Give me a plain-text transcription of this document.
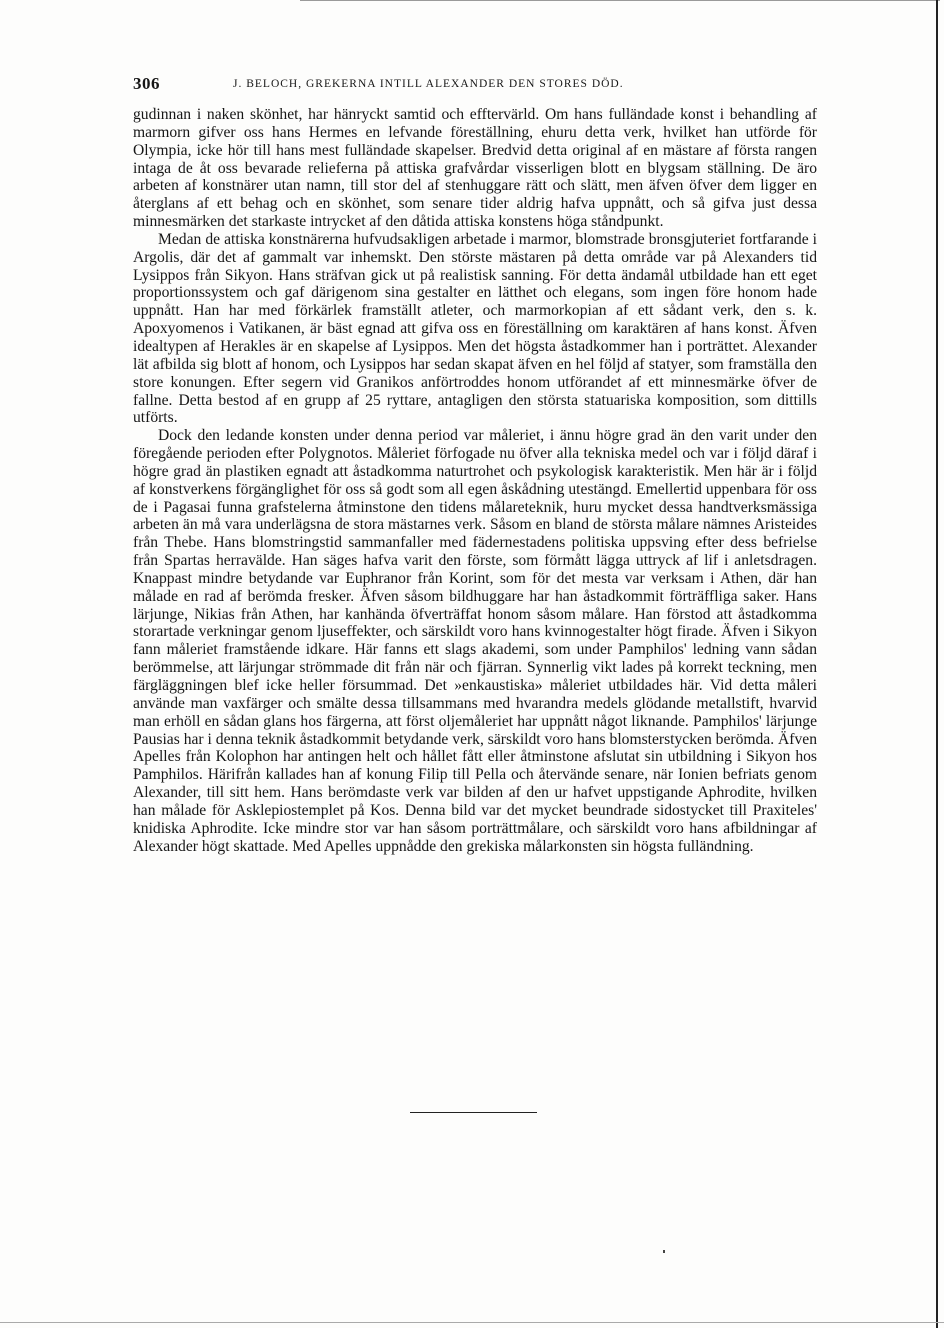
306	J. BELOCH, GREKERNA INTILL ALEXANDER DEN STORES DÖD.

gudinnan i naken skönhet, har hänryckt samtid och efftervärld. Om hans fulländade konst i behandling af marmorn gifver oss hans Hermes en lefvande föreställning, ehuru detta verk, hvilket han utförde för Olympia, icke hör till hans mest fulländade skapelser. Bredvid detta original af en mästare af första rangen intaga de åt oss bevarade relieferna på attiska grafvårdar visserligen blott en blygsam ställning. De äro arbeten af konstnärer utan namn, till stor del af stenhuggare rätt och slätt, men äfven öfver dem ligger en återglans af ett behag och en skönhet, som senare tider aldrig hafva uppnått, och så gifva just dessa minnesmärken det starkaste intrycket af den dåtida attiska konstens höga ståndpunkt.

Medan de attiska konstnärerna hufvudsakligen arbetade i marmor, blomstrade bronsgjuteriet fortfarande i Argolis, där det af gammalt var inhemskt. Den störste mästaren på detta område var på Alexanders tid Lysippos från Sikyon. Hans sträfvan gick ut på realistisk sanning. För detta ändamål utbildade han ett eget proportionssystem och gaf därigenom sina gestalter en lätthet och elegans, som ingen före honom hade uppnått. Han har med förkärlek framställt atleter, och marmorkopian af ett sådant verk, den s. k. Apoxyomenos i Vatikanen, är bäst egnad att gifva oss en föreställning om karaktären af hans konst. Äfven idealtypen af Herakles är en skapelse af Lysippos. Men det högsta åstadkommer han i porträttet. Alexander lät afbilda sig blott af honom, och Lysippos har sedan skapat äfven en hel följd af statyer, som framställa den store konungen. Efter segern vid Granikos anförtroddes honom utförandet af ett minnesmärke öfver de fallne. Detta bestod af en grupp af 25 ryttare, antagligen den största statuariska komposition, som dittills utförts.

Dock den ledande konsten under denna period var måleriet, i ännu högre grad än den varit under den föregående perioden efter Polygnotos. Måleriet förfogade nu öfver alla tekniska medel och var i följd däraf i högre grad än plastiken egnadt att åstadkomma naturtrohet och psykologisk karakteristik. Men här är i följd af konstverkens förgänglighet för oss så godt som all egen åskådning utestängd. Emellertid uppenbara för oss de i Pagasai funna grafstelerna åtminstone den tidens målareteknik, huru mycket dessa handtverksmässiga arbeten än må vara underlägsna de stora mästarnes verk. Såsom en bland de största målare nämnes Aristeides från Thebe. Hans blomstringstid sammanfaller med fädernestadens politiska uppsving efter dess befrielse från Spartas herravälde. Han säges hafva varit den förste, som förmått lägga uttryck af lif i anletsdragen. Knappast mindre betydande var Euphranor från Korint, som för det mesta var verksam i Athen, där han målade en rad af berömda fresker. Äfven såsom bildhuggare har han åstadkommit förträffliga saker. Hans lärjunge, Nikias från Athen, har kanhända öfverträffat honom såsom målare. Han förstod att åstadkomma storartade verkningar genom ljuseffekter, och särskildt voro hans kvinnogestalter högt firade. Äfven i Sikyon fann måleriet framstående idkare. Här fanns ett slags akademi, som under Pamphilos' ledning vann sådan berömmelse, att lärjungar strömmade dit från när och fjärran. Synnerlig vikt lades på korrekt teckning, men färgläggningen blef icke heller försummad. Det »enkaustiska» måleriet utbildades här. Vid detta måleri använde man vaxfärger och smälte dessa tillsammans med hvarandra medels glödande metallstift, hvarvid man erhöll en sådan glans hos färgerna, att först oljemåleriet har uppnått något liknande. Pamphilos' lärjunge Pausias har i denna teknik åstadkommit betydande verk, särskildt voro hans blomsterstycken berömda. Äfven Apelles från Kolophon har antingen helt och hållet fått eller åtminstone afslutat sin utbildning i Sikyon hos Pamphilos. Härifrån kallades han af konung Filip till Pella och återvände senare, när Ionien befriats genom Alexander, till sitt hem. Hans berömdaste verk var bilden af den ur hafvet uppstigande Aphrodite, hvilken han målade för Asklepiostemplet på Kos. Denna bild var det mycket beundrade sidostycket till Praxiteles' knidiska Aphrodite. Icke mindre stor var han såsom porträttmålare, och särskildt voro hans afbildningar af Alexander högt skattade. Med Apelles uppnådde den grekiska målarkonsten sin högsta fulländning.
